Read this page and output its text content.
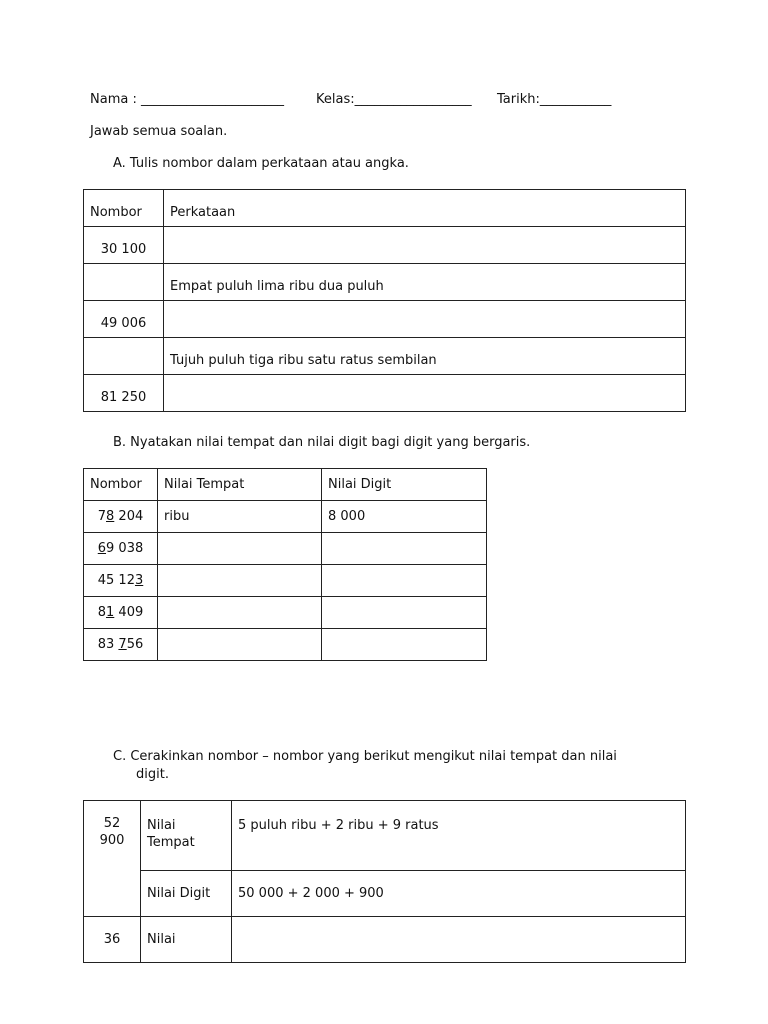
Nama : ______________________ Kelas:__________________ Tarikh:___________
Jawab semua soalan.
A. Tulis nombor dalam perkataan atau angka.
Nombor	Perkataan
30 100	
	Empat puluh lima ribu dua puluh
49 006	
	Tujuh puluh tiga ribu satu ratus sembilan
81 250	
B. Nyatakan nilai tempat dan nilai digit bagi digit yang bergaris.
Nombor	Nilai Tempat	Nilai Digit
78 204	ribu	8 000
69 038		
45 123		
81 409		
83 756		
C. Cerakinkan nombor – nombor yang berikut mengikut nilai tempat dan nilai
digit.
52 900	Nilai Tempat	5 puluh ribu + 2 ribu + 9 ratus
	Nilai Digit	50 000 + 2 000 + 900
36	Nilai	
